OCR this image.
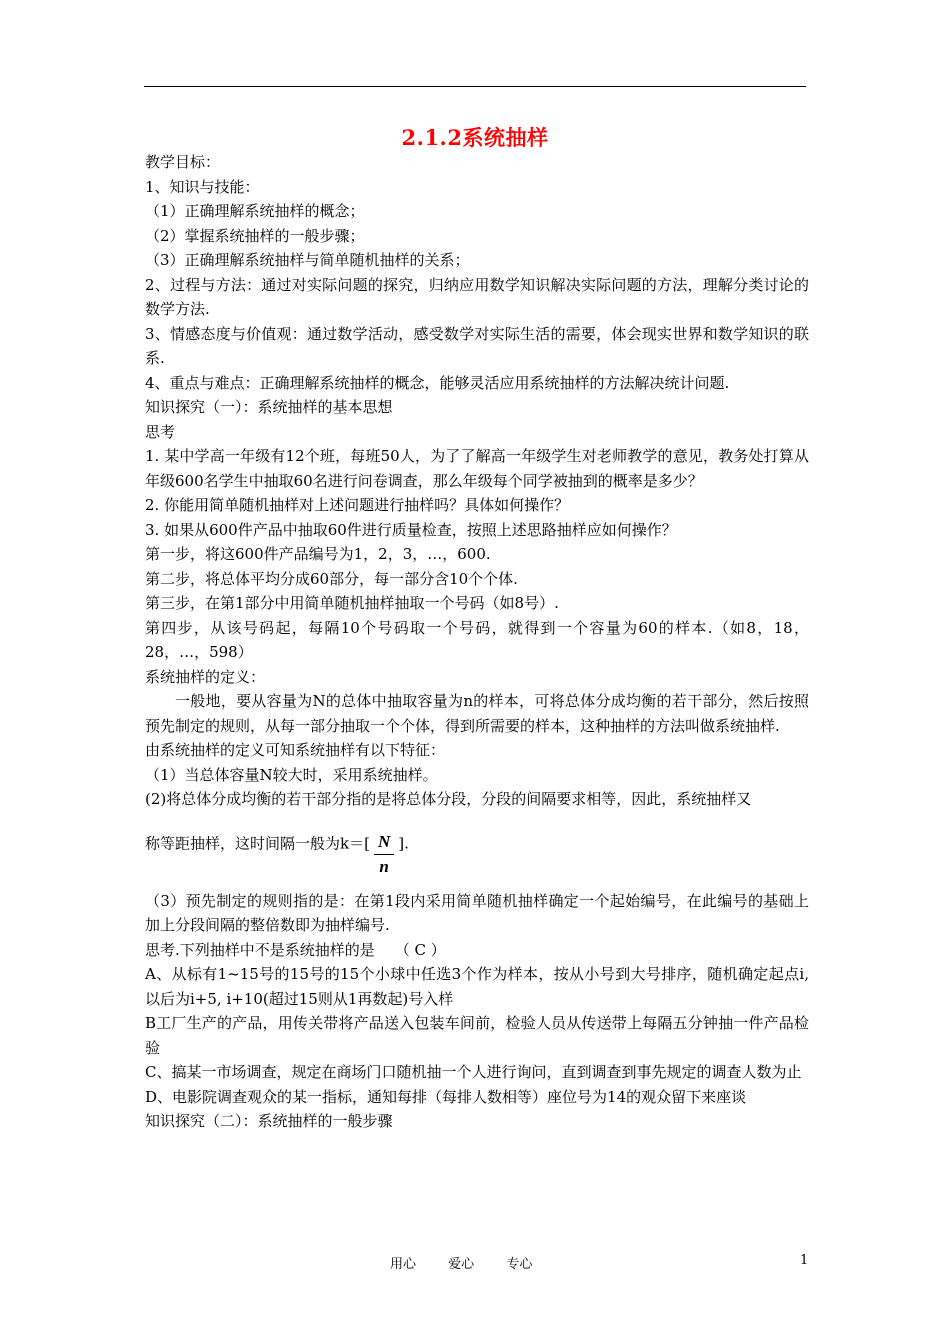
2.1.2系统抽样

教学目标：

1、知识与技能：

（1）正确理解系统抽样的概念；

（2）掌握系统抽样的一般步骤；

（3）正确理解系统抽样与简单随机抽样的关系；

2、过程与方法：通过对实际问题的探究，归纳应用数学知识解决实际问题的方法，理解分类讨论的数学方法.

3、情感态度与价值观：通过数学活动，感受数学对实际生活的需要，体会现实世界和数学知识的联系.

4、重点与难点：正确理解系统抽样的概念，能够灵活应用系统抽样的方法解决统计问题.

知识探究（一）：系统抽样的基本思想

思考

1. 某中学高一年级有12个班，每班50人，为了了解高一年级学生对老师教学的意见，教务处打算从年级600名学生中抽取60名进行问卷调查，那么年级每个同学被抽到的概率是多少？

2. 你能用简单随机抽样对上述问题进行抽样吗？具体如何操作？

3. 如果从600件产品中抽取60件进行质量检查，按照上述思路抽样应如何操作？

第一步，将这600件产品编号为1，2，3，…，600.

第二步，将总体平均分成60部分，每一部分含10个个体.

第三步，在第1部分中用简单随机抽样抽取一个号码（如8号）.

第四步，从该号码起，每隔10个号码取一个号码，就得到一个容量为60的样本.（如8，18，28，…，598）

系统抽样的定义：

一般地，要从容量为N的总体中抽取容量为n的样本，可将总体分成均衡的若干部分，然后按照预先制定的规则，从每一部分抽取一个个体，得到所需要的样本，这种抽样的方法叫做系统抽样.

由系统抽样的定义可知系统抽样有以下特征：

（1）当总体容量N较大时，采用系统抽样。

(2)将总体分成均衡的若干部分指的是将总体分段，分段的间隔要求相等，因此，系统抽样又

称等距抽样，这时间隔一般为$k=[ \frac{N}{n}$ ].

（3）预先制定的规则指的是：在第1段内采用简单随机抽样确定一个起始编号，在此编号的基础上加上分段间隔的整倍数即为抽样编号.

思考.下列抽样中不是系统抽样的是 （ C ）

A、从标有1~15号的15号的15个小球中任选3个作为样本，按从小号到大号排序，随机确定起点i,以后为i+5, i+10(超过15则从1再数起)号入样

B工厂生产的产品，用传关带将产品送入包装车间前，检验人员从传送带上每隔五分钟抽一件产品检验

C、搞某一市场调查，规定在商场门口随机抽一个人进行询问，直到调查到事先规定的调查人数为止

D、电影院调查观众的某一指标，通知每排（每排人数相等）座位号为14的观众留下来座谈

知识探究（二）：系统抽样的一般步骤

用心 爱心 专心	1
